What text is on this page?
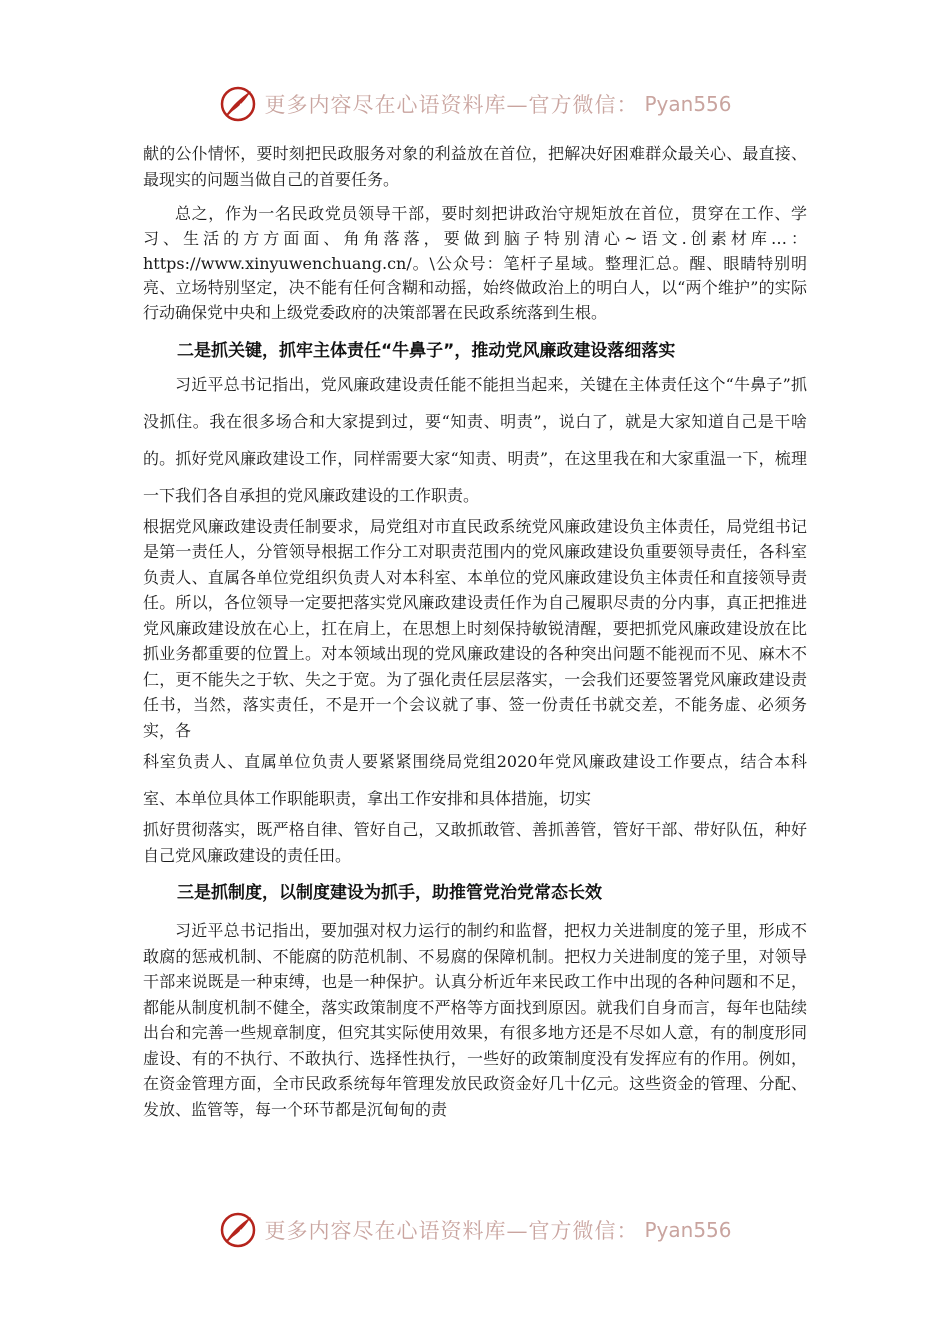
更多内容尽在心语资料库—官方微信： Pyan556

献的公仆情怀，要时刻把民政服务对象的利益放在首位，把解决好困难群众最关心、最直接、最现实的问题当做自己的首要任务。

总之，作为一名民政党员领导干部，要时刻把讲政治守规矩放在首位，贯穿在工作、学习、生活的方方面面、角角落落，要做到脑子特别清心~语文.创素材库…：https://www.xinyuwenchuang.cn/。\公众号：笔杆子星域。整理汇总。醒、眼睛特别明亮、立场特别坚定，决不能有任何含糊和动摇，始终做政治上的明白人，以“两个维护”的实际行动确保党中央和上级党委政府的决策部署在民政系统落到生根。

二是抓关键，抓牢主体责任“牛鼻子”，推动党风廉政建设落细落实

习近平总书记指出，党风廉政建设责任能不能担当起来，关键在主体责任这个“牛鼻子”抓没抓住。我在很多场合和大家提到过，要“知责、明责”，说白了，就是大家知道自己是干啥的。抓好党风廉政建设工作，同样需要大家“知责、明责”，在这里我在和大家重温一下，梳理一下我们各自承担的党风廉政建设的工作职责。

根据党风廉政建设责任制要求，局党组对市直民政系统党风廉政建设负主体责任，局党组书记是第一责任人，分管领导根据工作分工对职责范围内的党风廉政建设负重要领导责任，各科室负责人、直属各单位党组织负责人对本科室、本单位的党风廉政建设负主体责任和直接领导责任。所以，各位领导一定要把落实党风廉政建设责任作为自己履职尽责的分内事，真正把推进党风廉政建设放在心上，扛在肩上，在思想上时刻保持敏锐清醒，要把抓党风廉政建设放在比抓业务都重要的位置上。对本领域出现的党风廉政建设的各种突出问题不能视而不见、麻木不仁，更不能失之于软、失之于宽。为了强化责任层层落实，一会我们还要签署党风廉政建设责任书，当然，落实责任，不是开一个会议就了事、签一份责任书就交差，不能务虚、必须务实，各

科室负责人、直属单位负责人要紧紧围绕局党组2020年党风廉政建设工作要点，结合本科室、本单位具体工作职能职责，拿出工作安排和具体措施，切实

抓好贯彻落实，既严格自律、管好自己，又敢抓敢管、善抓善管，管好干部、带好队伍，种好自己党风廉政建设的责任田。

三是抓制度，以制度建设为抓手，助推管党治党常态长效

习近平总书记指出，要加强对权力运行的制约和监督，把权力关进制度的笼子里，形成不敢腐的惩戒机制、不能腐的防范机制、不易腐的保障机制。把权力关进制度的笼子里，对领导干部来说既是一种束缚，也是一种保护。认真分析近年来民政工作中出现的各种问题和不足，都能从制度机制不健全，落实政策制度不严格等方面找到原因。就我们自身而言，每年也陆续出台和完善一些规章制度，但究其实际使用效果，有很多地方还是不尽如人意，有的制度形同虚设、有的不执行、不敢执行、选择性执行，一些好的政策制度没有发挥应有的作用。例如，在资金管理方面，全市民政系统每年管理发放民政资金好几十亿元。这些资金的管理、分配、发放、监管等，每一个环节都是沉甸甸的责

更多内容尽在心语资料库—官方微信： Pyan556
